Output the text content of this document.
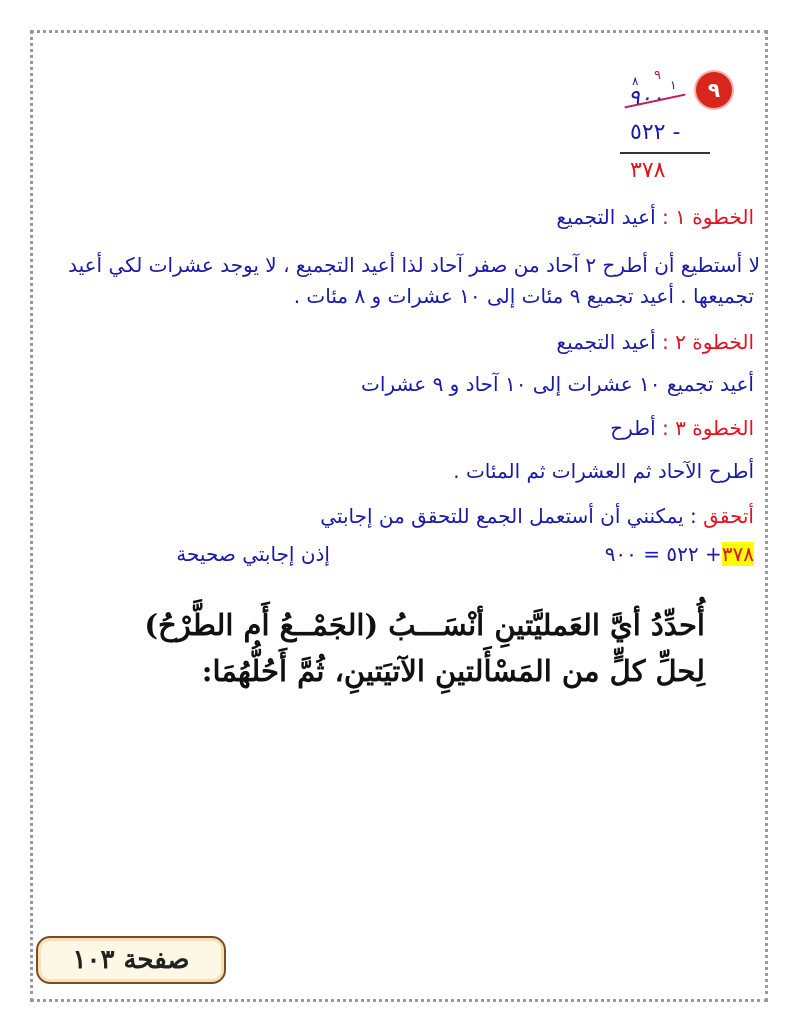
٩
٨ ٩
١
٩٠٠
٥٢٢ -
٣٧٨
الخطوة ١ : أعيد التجميع
لا أستطيع أن أطرح ٢ آحاد من صفر آحاد لذا أعيد التجميع ، لا يوجد عشرات لكي أعيد
تجميعها . أعيد تجميع ٩ مئات إلى ١٠ عشرات و ٨ مئات .
الخطوة ٢ : أعيد التجميع
أعيد تجميع ١٠ عشرات إلى ١٠ آحاد و ٩ عشرات
الخطوة ٣ : أطرح
أطرح الآحاد ثم العشرات ثم المئات .
أتحقق : يمكنني أن أستعمل الجمع للتحقق من إجابتي
٣٧٨+ ٥٢٢ = ٩٠٠
إذن إجابتي صحيحة
أُحدِّدُ أيَّ العَمليَّتينِ أنْسَـــبُ (الجَمْــعُ أَم الطَّرْحُ)
لِحلِّ كلٍّ من المَسْأَلتينِ الآتيَتينِ، ثُمَّ أَحُلُّهُمَا:
صفحة ١٠٣
